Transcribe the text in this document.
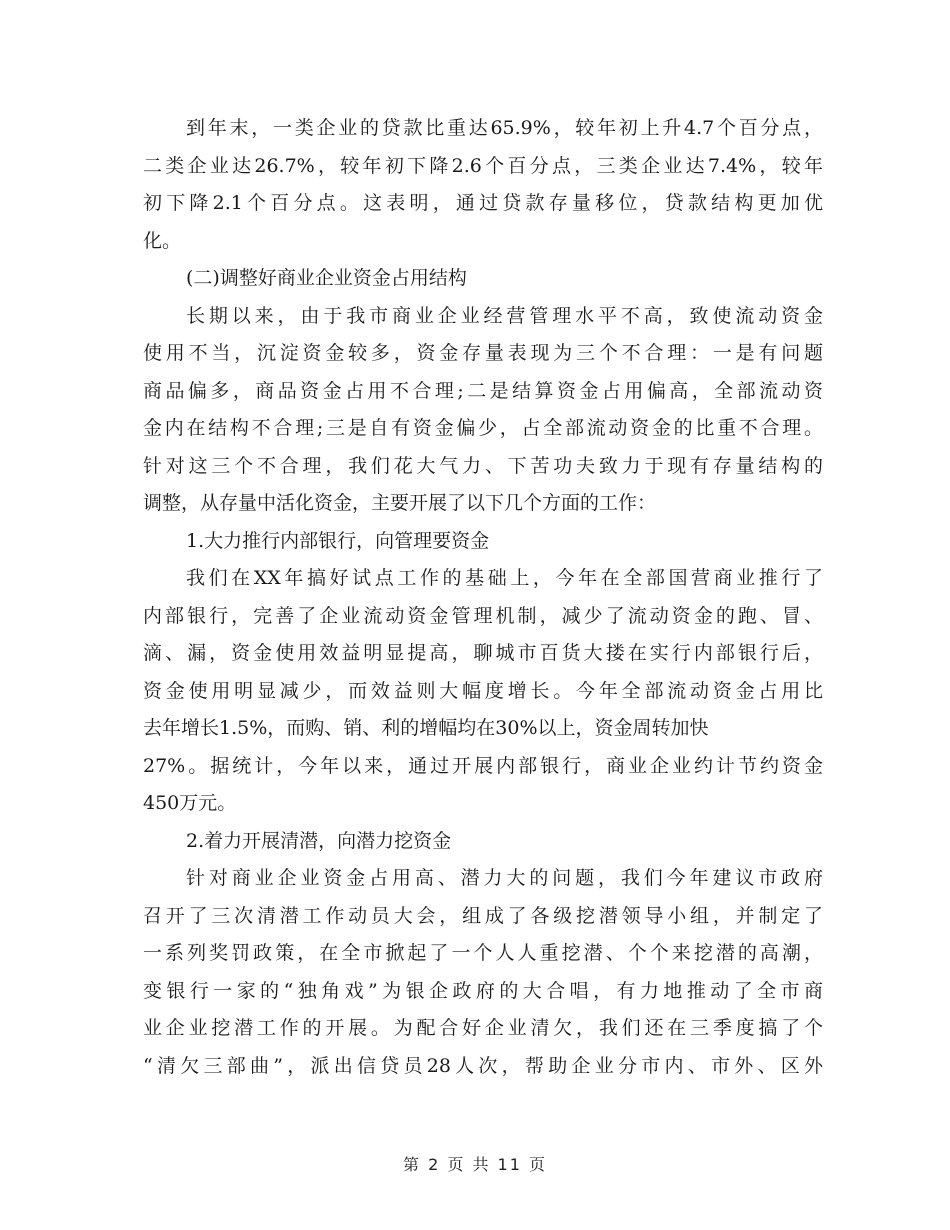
到年末，一类企业的贷款比重达65.9%，较年初上升4.7个百分点，
二类企业达26.7%，较年初下降2.6个百分点，三类企业达7.4%，较年
初下降2.1个百分点。这表明，通过贷款存量移位，贷款结构更加优
化。
(二)调整好商业企业资金占用结构
长期以来，由于我市商业企业经营管理水平不高，致使流动资金
使用不当，沉淀资金较多，资金存量表现为三个不合理：一是有问题
商品偏多，商品资金占用不合理;二是结算资金占用偏高，全部流动资
金内在结构不合理;三是自有资金偏少，占全部流动资金的比重不合理。
针对这三个不合理，我们花大气力、下苦功夫致力于现有存量结构的
调整，从存量中活化资金，主要开展了以下几个方面的工作：
1.大力推行内部银行，向管理要资金
我们在XX年搞好试点工作的基础上，今年在全部国营商业推行了
内部银行，完善了企业流动资金管理机制，减少了流动资金的跑、冒、
滴、漏，资金使用效益明显提高，聊城市百货大搂在实行内部银行后，
资金使用明显减少，而效益则大幅度增长。今年全部流动资金占用比
去年增长1.5%，而购、销、利的增幅均在30%以上，资金周转加快
27%。据统计，今年以来，通过开展内部银行，商业企业约计节约资金
450万元。
2.着力开展清潜，向潜力挖资金
针对商业企业资金占用高、潜力大的问题，我们今年建议市政府
召开了三次清潜工作动员大会，组成了各级挖潜领导小组，并制定了
一系列奖罚政策，在全市掀起了一个人人重挖潜、个个来挖潜的高潮，
变银行一家的“独角戏”为银企政府的大合唱，有力地推动了全市商
业企业挖潜工作的开展。为配合好企业清欠，我们还在三季度搞了个
“清欠三部曲”，派出信贷员28人次，帮助企业分市内、市外、区外
第 2 页 共 11 页
